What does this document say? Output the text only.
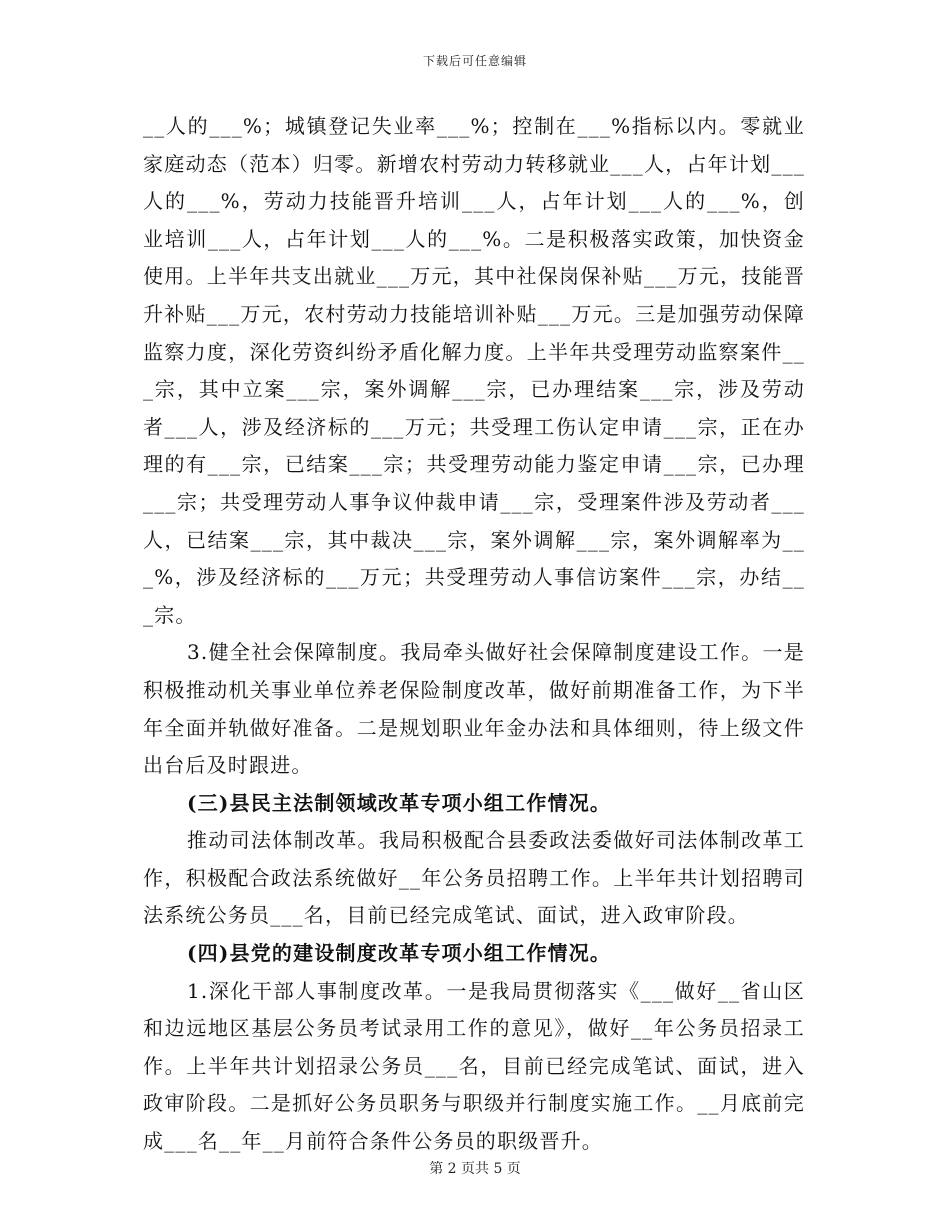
下载后可任意编辑

__人的___%；城镇登记失业率___%；控制在___%指标以内。零就业家庭动态（范本）归零。新增农村劳动力转移就业___人，占年计划___人的___%，劳动力技能晋升培训___人，占年计划___人的___%，创业培训___人，占年计划___人的___%。二是积极落实政策，加快资金使用。上半年共支出就业___万元，其中社保岗保补贴___万元，技能晋升补贴___万元，农村劳动力技能培训补贴___万元。三是加强劳动保障监察力度，深化劳资纠纷矛盾化解力度。上半年共受理劳动监察案件___宗，其中立案___宗，案外调解___宗，已办理结案___宗，涉及劳动者___人，涉及经济标的___万元；共受理工伤认定申请___宗，正在办理的有___宗，已结案___宗；共受理劳动能力鉴定申请___宗，已办理___宗；共受理劳动人事争议仲裁申请___宗，受理案件涉及劳动者___人，已结案___宗，其中裁决___宗，案外调解___宗，案外调解率为___%，涉及经济标的___万元；共受理劳动人事信访案件___宗，办结___宗。

3.健全社会保障制度。我局牵头做好社会保障制度建设工作。一是积极推动机关事业单位养老保险制度改革，做好前期准备工作，为下半年全面并轨做好准备。二是规划职业年金办法和具体细则，待上级文件出台后及时跟进。

(三)县民主法制领域改革专项小组工作情况。

推动司法体制改革。我局积极配合县委政法委做好司法体制改革工作，积极配合政法系统做好__年公务员招聘工作。上半年共计划招聘司法系统公务员___名，目前已经完成笔试、面试，进入政审阶段。

(四)县党的建设制度改革专项小组工作情况。

1.深化干部人事制度改革。一是我局贯彻落实《___做好__省山区和边远地区基层公务员考试录用工作的意见》，做好__年公务员招录工作。上半年共计划招录公务员___名，目前已经完成笔试、面试，进入政审阶段。二是抓好公务员职务与职级并行制度实施工作。__月底前完成___名__年__月前符合条件公务员的职级晋升。

第 2 页共 5 页
